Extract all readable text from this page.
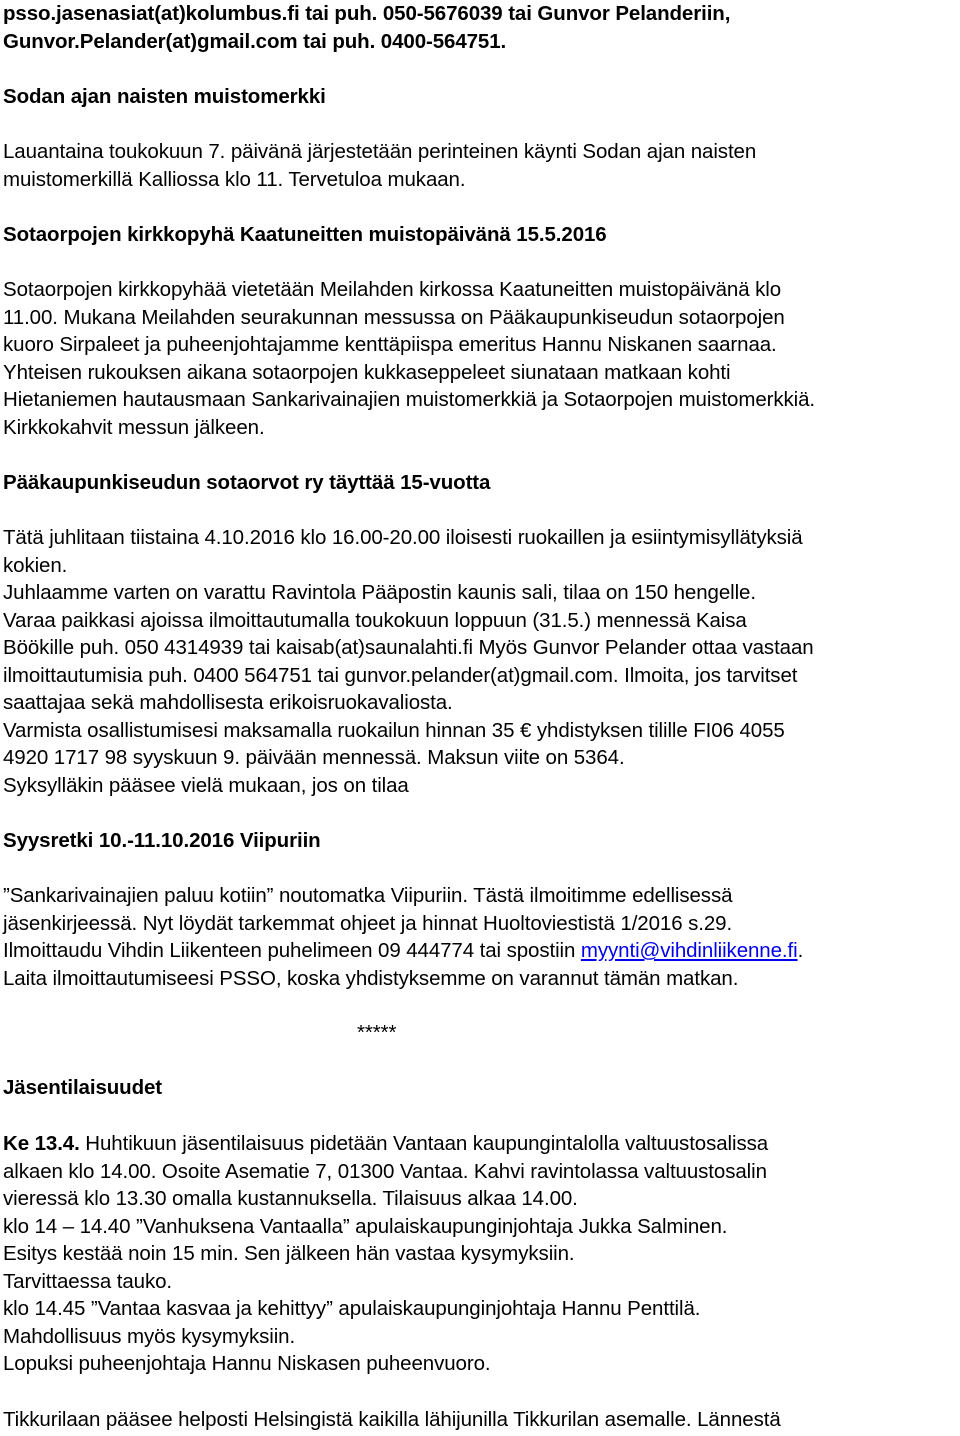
psso.jasenasiat(at)kolumbus.fi tai puh. 050-5676039 tai Gunvor Pelanderiin,
Gunvor.Pelander(at)gmail.com tai puh. 0400-564751.
Sodan ajan naisten muistomerkki
Lauantaina toukokuun 7. päivänä järjestetään perinteinen käynti Sodan ajan naisten
muistomerkillä Kalliossa klo 11. Tervetuloa mukaan.
Sotaorpojen kirkkopyhä Kaatuneitten muistopäivänä 15.5.2016
Sotaorpojen kirkkopyhää vietetään Meilahden kirkossa Kaatuneitten muistopäivänä klo
11.00. Mukana Meilahden seurakunnan messussa on Pääkaupunkiseudun sotaorpojen
kuoro Sirpaleet ja puheenjohtajamme kenttäpiispa emeritus Hannu Niskanen saarnaa.
Yhteisen rukouksen aikana sotaorpojen kukkaseppeleet siunataan matkaan kohti
Hietaniemen hautausmaan Sankarivainajien muistomerkkiä ja Sotaorpojen muistomerkkiä.
Kirkkokahvit messun jälkeen.
Pääkaupunkiseudun sotaorvot ry täyttää 15-vuotta
Tätä juhlitaan tiistaina 4.10.2016 klo 16.00-20.00 iloisesti ruokaillen ja esiintymisyllätyksiä
kokien.
Juhlaamme varten on varattu Ravintola Pääpostin kaunis sali, tilaa on 150 hengelle.
Varaa paikkasi ajoissa ilmoittautumalla toukokuun loppuun (31.5.) mennessä Kaisa
Böökille puh. 050 4314939 tai kaisab(at)saunalahti.fi Myös Gunvor Pelander ottaa vastaan
ilmoittautumisia puh. 0400 564751 tai gunvor.pelander(at)gmail.com. Ilmoita, jos tarvitset
saattajaa sekä mahdollisesta erikoisruokavaliosta.
Varmista osallistumisesi maksamalla ruokailun hinnan 35 € yhdistyksen tilille FI06 4055
4920 1717 98 syyskuun 9. päivään mennessä. Maksun viite on 5364.
Syksylläkin pääsee vielä mukaan, jos on tilaa
Syysretki 10.-11.10.2016 Viipuriin
”Sankarivainajien paluu kotiin” noutomatka Viipuriin. Tästä ilmoitimme edellisessä
jäsenkirjeessä. Nyt löydät tarkemmat ohjeet ja hinnat Huoltoviestistä 1/2016 s.29.
Ilmoittaudu Vihdin Liikenteen puhelimeen 09 444774 tai spostiin myynti@vihdinliikenne.fi.
Laita ilmoittautumiseesi PSSO, koska yhdistyksemme on varannut tämän matkan.
*****
Jäsentilaisuudet
Ke 13.4. Huhtikuun jäsentilaisuus pidetään Vantaan kaupungintalolla valtuustosalissa
alkaen klo 14.00. Osoite Asematie 7, 01300 Vantaa. Kahvi ravintolassa valtuustosalin
vieressä klo 13.30 omalla kustannuksella. Tilaisuus alkaa 14.00.
klo 14 – 14.40 ”Vanhuksena Vantaalla” apulaiskaupunginjohtaja Jukka Salminen.
Esitys kestää noin 15 min. Sen jälkeen hän vastaa kysymyksiin.
Tarvittaessa tauko.
klo 14.45 ”Vantaa kasvaa ja kehittyy” apulaiskaupunginjohtaja Hannu Penttilä.
Mahdollisuus myös kysymyksiin.
Lopuksi puheenjohtaja Hannu Niskasen puheenvuoro.
Tikkurilaan pääsee helposti Helsingistä kaikilla lähijunilla Tikkurilan asemalle. Lännestä
